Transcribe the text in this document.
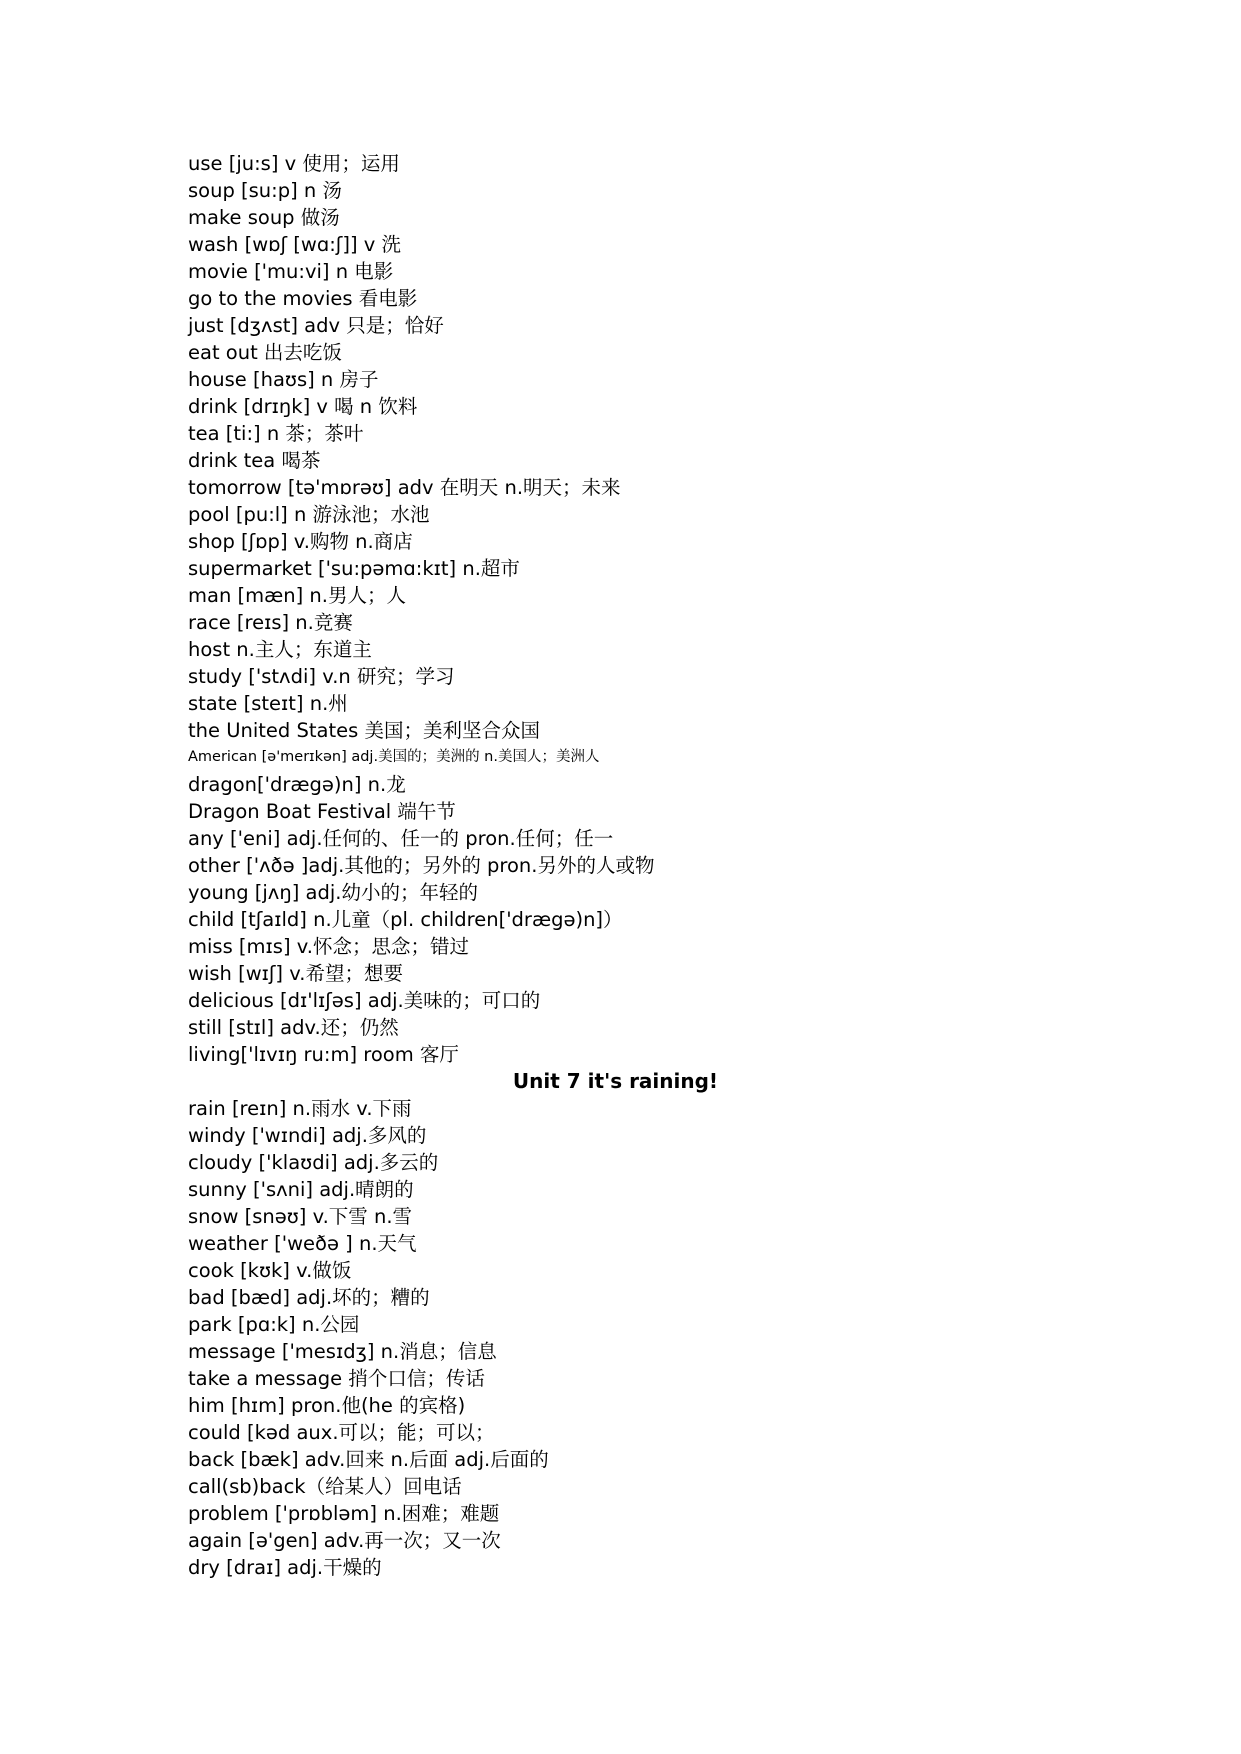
use [ju:s] v 使用；运用
soup [su:p] n 汤
make soup 做汤
wash [wɒʃ [wɑ:ʃ]] v 洗
movie ['mu:vi] n 电影
go to the movies 看电影
just [dʒʌst] adv 只是；恰好
eat out 出去吃饭
house [haʊs] n 房子
drink [drɪŋk] v 喝 n 饮料
tea [ti:] n 茶；茶叶
drink tea 喝茶
tomorrow [tə'mɒrəʊ] adv 在明天 n.明天；未来
pool [pu:l] n 游泳池；水池
shop [ʃɒp] v.购物 n.商店
supermarket ['su:pəmɑ:kɪt] n.超市
man [mæn] n.男人；人
race [reɪs] n.竞赛
host n.主人；东道主
study ['stʌdi] v.n 研究；学习
state [steɪt] n.州
the United States 美国；美利坚合众国
American [ə'merɪkən] adj.美国的；美洲的 n.美国人；美洲人
dragon['drægə)n] n.龙
Dragon Boat Festival 端午节
any ['eni] adj.任何的、任一的 pron.任何；任一
other ['ʌðə ]adj.其他的；另外的 pron.另外的人或物
young [jʌŋ] adj.幼小的；年轻的
child [tʃaɪld] n.儿童（pl. children['drægə)n]）
miss [mɪs] v.怀念；思念；错过
wish [wɪʃ] v.希望；想要
delicious [dɪ'lɪʃəs] adj.美味的；可口的
still [stɪl] adv.还；仍然
living['lɪvɪŋ ru:m] room 客厅
Unit 7 it's raining!
rain [reɪn] n.雨水 v.下雨
windy ['wɪndi] adj.多风的
cloudy ['klaʊdi] adj.多云的
sunny ['sʌni] adj.晴朗的
snow [snəʊ] v.下雪 n.雪
weather ['weðə ] n.天气
cook [kʊk] v.做饭
bad [bæd] adj.坏的；糟的
park [pɑ:k] n.公园
message ['mesɪdʒ] n.消息；信息
take a message 捎个口信；传话
him [hɪm] pron.他(he 的宾格)
could [kəd aux.可以；能；可以；
back [bæk] adv.回来 n.后面 adj.后面的
call(sb)back（给某人）回电话
problem ['prɒbləm] n.困难；难题
again [ə'gen] adv.再一次；又一次
dry [draɪ] adj.干燥的
